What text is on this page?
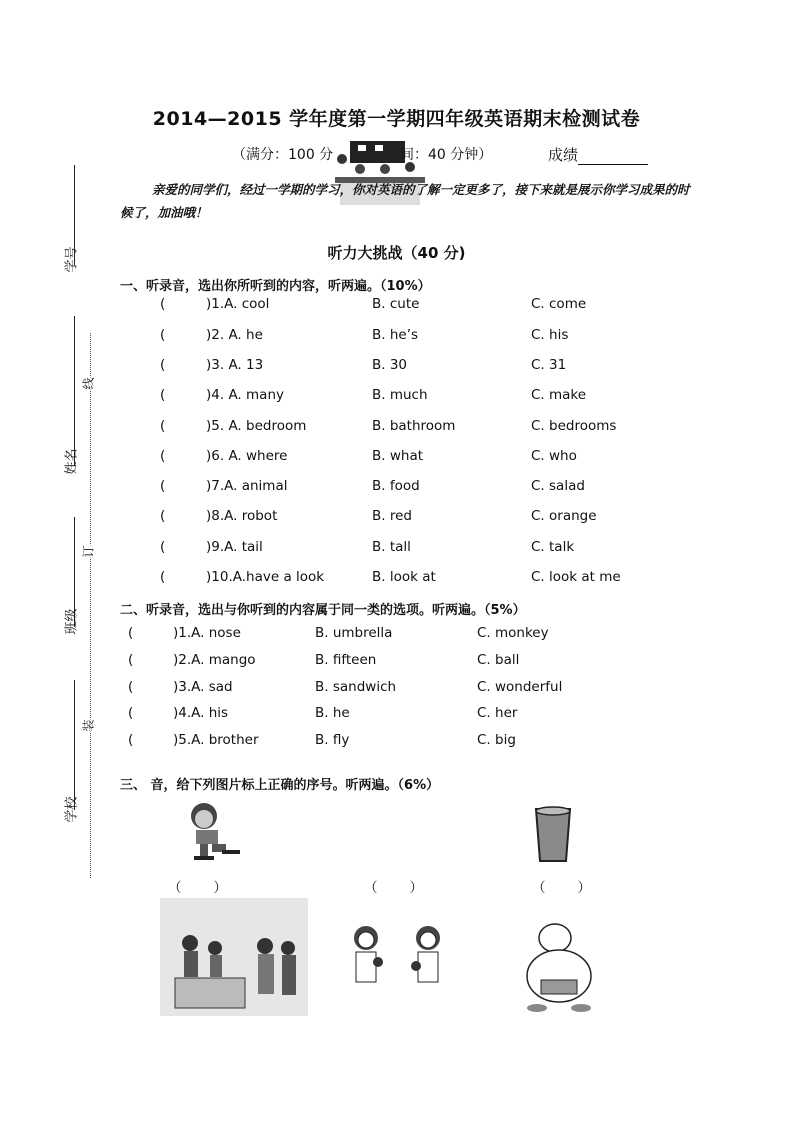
学号
姓名
班级
学校
线
订
装
2014—2015 学年度第一学期四年级英语期末检测试卷
（满分：100 分	间：40 分钟）	成绩
亲爱的同学们，经过一学期的学习，你对英语的了解一定更多了，接下来就是展示你学习成果的时候了，加油哦！
听力大挑战（40 分)
一、听录音，选出你所听到的内容，听两遍。（10%）
(	)1.A. cool	B. cute	C. come
(	)2. A. he	B. he’s	C. his
(	)3. A. 13	B. 30	C. 31
(	)4. A. many	B. much	C. make
(	)5. A. bedroom	B. bathroom	C. bedrooms
(	)6. A. where	B. what	C. who
(	)7.A. animal	B. food	C. salad
(	)8.A. robot	B. red	C. orange
(	)9.A. tail	B. tall	C. talk
(	)10.A.have a look	B. look at	C. look at me
二、听录音，选出与你听到的内容属于同一类的选项。听两遍。（5%）
(	)1.A. nose	B. umbrella	C. monkey
(	)2.A. mango	B. fifteen	C. ball
(	)3.A. sad	B. sandwich	C. wonderful
(	)4.A. his	B. he	C. her
(	)5.A. brother	B. fly	C. big
三、 音，给下列图片标上正确的序号。听两遍。（6%）
（ ）	（ ）	（ ）
